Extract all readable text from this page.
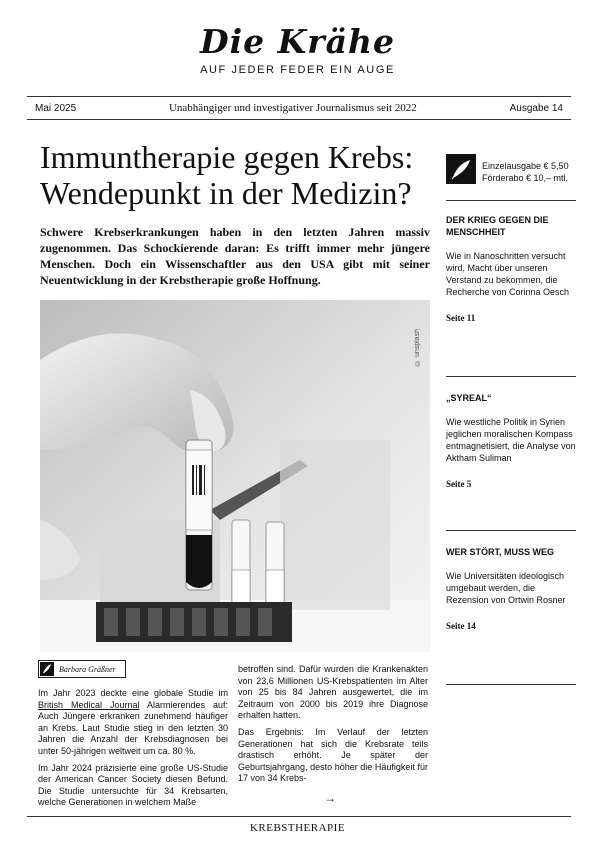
Die Krähe
AUF JEDER FEDER EIN AUGE
Mai 2025	Unabhängiger und investigativer Journalismus seit 2022	Ausgabe 14
Immuntherapie gegen Krebs:
Wendepunkt in der Medizin?

Schwere Krebserkrankungen haben in den letzten Jahren massiv zugenommen. Das Schockierende daran: Es trifft immer mehr jüngere Menschen. Doch ein Wissenschaftler aus den USA gibt mit seiner Neuentwicklung in der Krebstherapie große Hoffnung.

© unsplash
Barbara Gräßner

Im Jahr 2023 deckte eine globale Studie im British Medical Journal Alarmierendes auf: Auch Jüngere erkranken zunehmend häufiger an Krebs. Laut Studie stieg in den letzten 30 Jahren die Anzahl der Krebsdiagnosen bei unter 50-jährigen weltweit um ca. 80 %.

Im Jahr 2024 präzisierte eine große US-Studie der American Cancer Society diesen Befund. Die Studie untersuchte für 34 Krebsarten, welche Generationen in welchem Maße

betroffen sind. Dafür wurden die Krankenakten von 23,6 Millionen US-Krebspatienten im Alter von 25 bis 84 Jahren ausgewertet, die im Zeitraum von 2000 bis 2019 ihre Diagnose erhalten hatten.

Das Ergebnis: Im Verlauf der letzten Generationen hat sich die Krebsrate teils drastisch erhöht. Je später der Geburtsjahrgang, desto höher die Häufigkeit für 17 von 34 Krebs-

→
Einzelausgabe € 5,50
Förderabo € 10,– mtl.
DER KRIEG GEGEN DIE MENSCHHEIT
Wie in Nanoschritten versucht wird, Macht über unseren Verstand zu bekommen, die Recherche von Corinna Oesch
Seite 11
„SYREAL“
Wie westliche Politik in Syrien jeglichen moralischen Kompass entmagnetisiert, die Analyse von Aktham Suliman
Seite 5
WER STÖRT, MUSS WEG
Wie Universitäten ideologisch umgebaut werden, die Rezension von Ortwin Rosner
Seite 14
KREBSTHERAPIE
